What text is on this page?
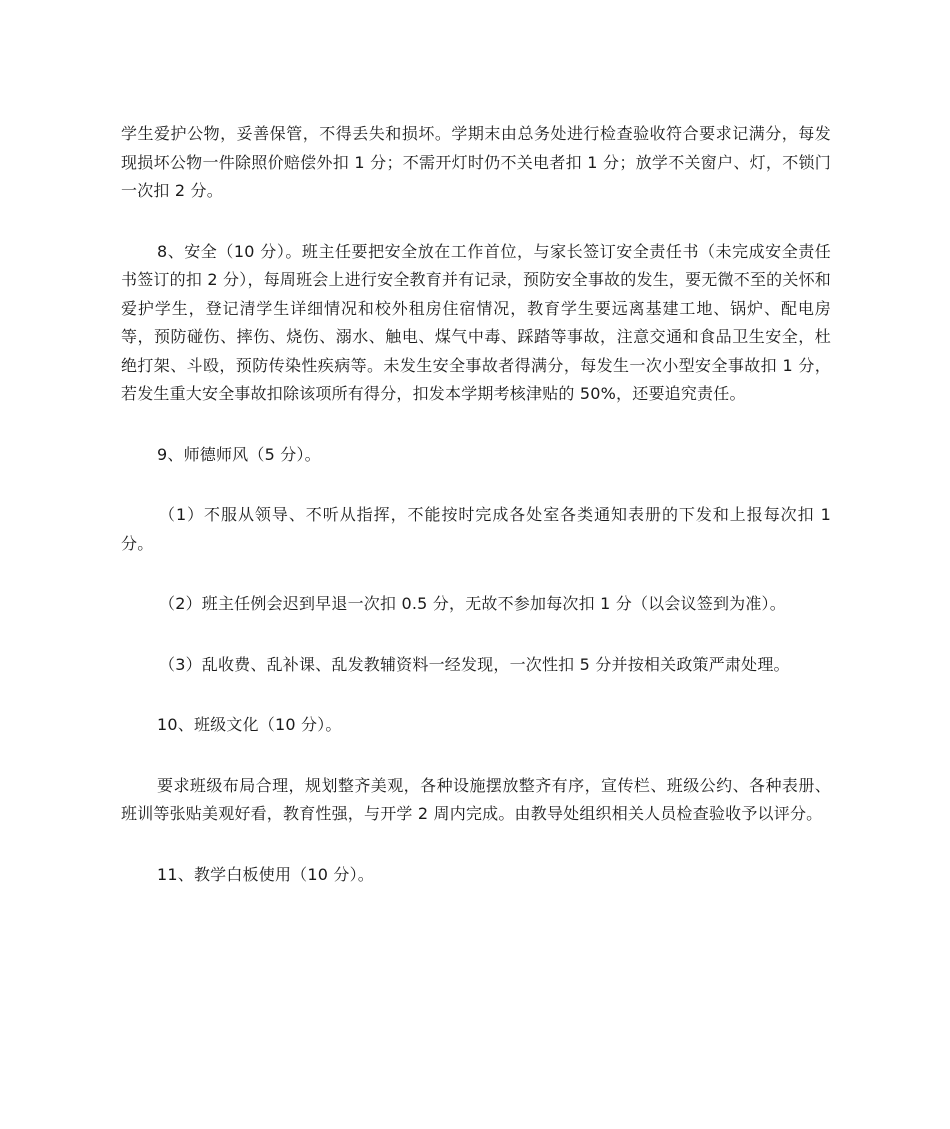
学生爱护公物，妥善保管，不得丢失和损坏。学期末由总务处进行检查验收符合要求记满分，每发现损坏公物一件除照价赔偿外扣 1 分；不需开灯时仍不关电者扣 1 分；放学不关窗户、灯，不锁门一次扣 2 分。

8、安全（10 分）。班主任要把安全放在工作首位，与家长签订安全责任书（未完成安全责任书签订的扣 2 分），每周班会上进行安全教育并有记录，预防安全事故的发生，要无微不至的关怀和爱护学生，登记清学生详细情况和校外租房住宿情况，教育学生要远离基建工地、锅炉、配电房等，预防碰伤、摔伤、烧伤、溺水、触电、煤气中毒、踩踏等事故，注意交通和食品卫生安全，杜绝打架、斗殴，预防传染性疾病等。未发生安全事故者得满分，每发生一次小型安全事故扣 1 分，若发生重大安全事故扣除该项所有得分，扣发本学期考核津贴的 50%，还要追究责任。

9、师德师风（5 分）。

（1）不服从领导、不听从指挥，不能按时完成各处室各类通知表册的下发和上报每次扣 1 分。

（2）班主任例会迟到早退一次扣 0.5 分，无故不参加每次扣 1 分（以会议签到为准）。

（3）乱收费、乱补课、乱发教辅资料一经发现，一次性扣 5 分并按相关政策严肃处理。

10、班级文化（10 分）。

要求班级布局合理，规划整齐美观，各种设施摆放整齐有序，宣传栏、班级公约、各种表册、班训等张贴美观好看，教育性强，与开学 2 周内完成。由教导处组织相关人员检查验收予以评分。

11、教学白板使用（10 分）。
